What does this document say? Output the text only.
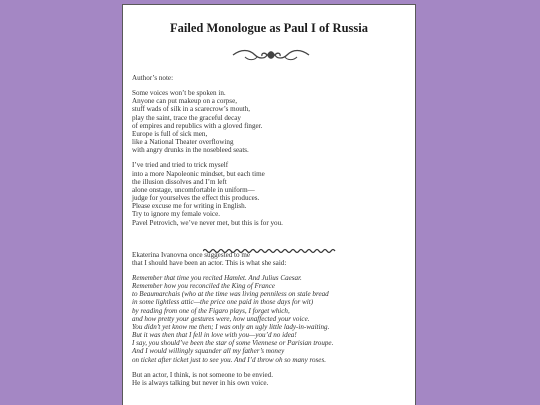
Failed Monologue as Paul I of Russia
Author’s note:
Some voices won’t be spoken in.
Anyone can put makeup on a corpse,
stuff wads of silk in a scarecrow’s mouth,
play the saint, trace the graceful decay
of empires and republics with a gloved finger.
Europe is full of sick men,
like a National Theater overflowing
with angry drunks in the nosebleed seats.
I’ve tried and tried to trick myself
into a more Napoleonic mindset, but each time
the illusion dissolves and I’m left
alone onstage, uncomfortable in uniform—
judge for yourselves the effect this produces.
Please excuse me for writing in English.
Try to ignore my female voice.
Pavel Petrovich, we’ve never met, but this is for you.
Ekaterina Ivanovna once suggested to me
that I should have been an actor. This is what she said:
Remember that time you recited Hamlet. And Julius Caesar.
Remember how you reconciled the King of France
to Beaumarchais (who at the time was living penniless on stale bread
in some lightless attic—the price one paid in those days for wit)
by reading from one of the Figaro plays, I forget which,
and how pretty your gestures were, how unaffected your voice.
You didn’t yet know me then; I was only an ugly little lady-in-waiting.
But it was then that I fell in love with you—you’d no idea!
I say, you should’ve been the star of some Viennese or Parisian troupe.
And I would willingly squander all my father’s money
on ticket after ticket just to see you. And I’d throw oh so many roses.
But an actor, I think, is not someone to be envied.
He is always talking but never in his own voice.
